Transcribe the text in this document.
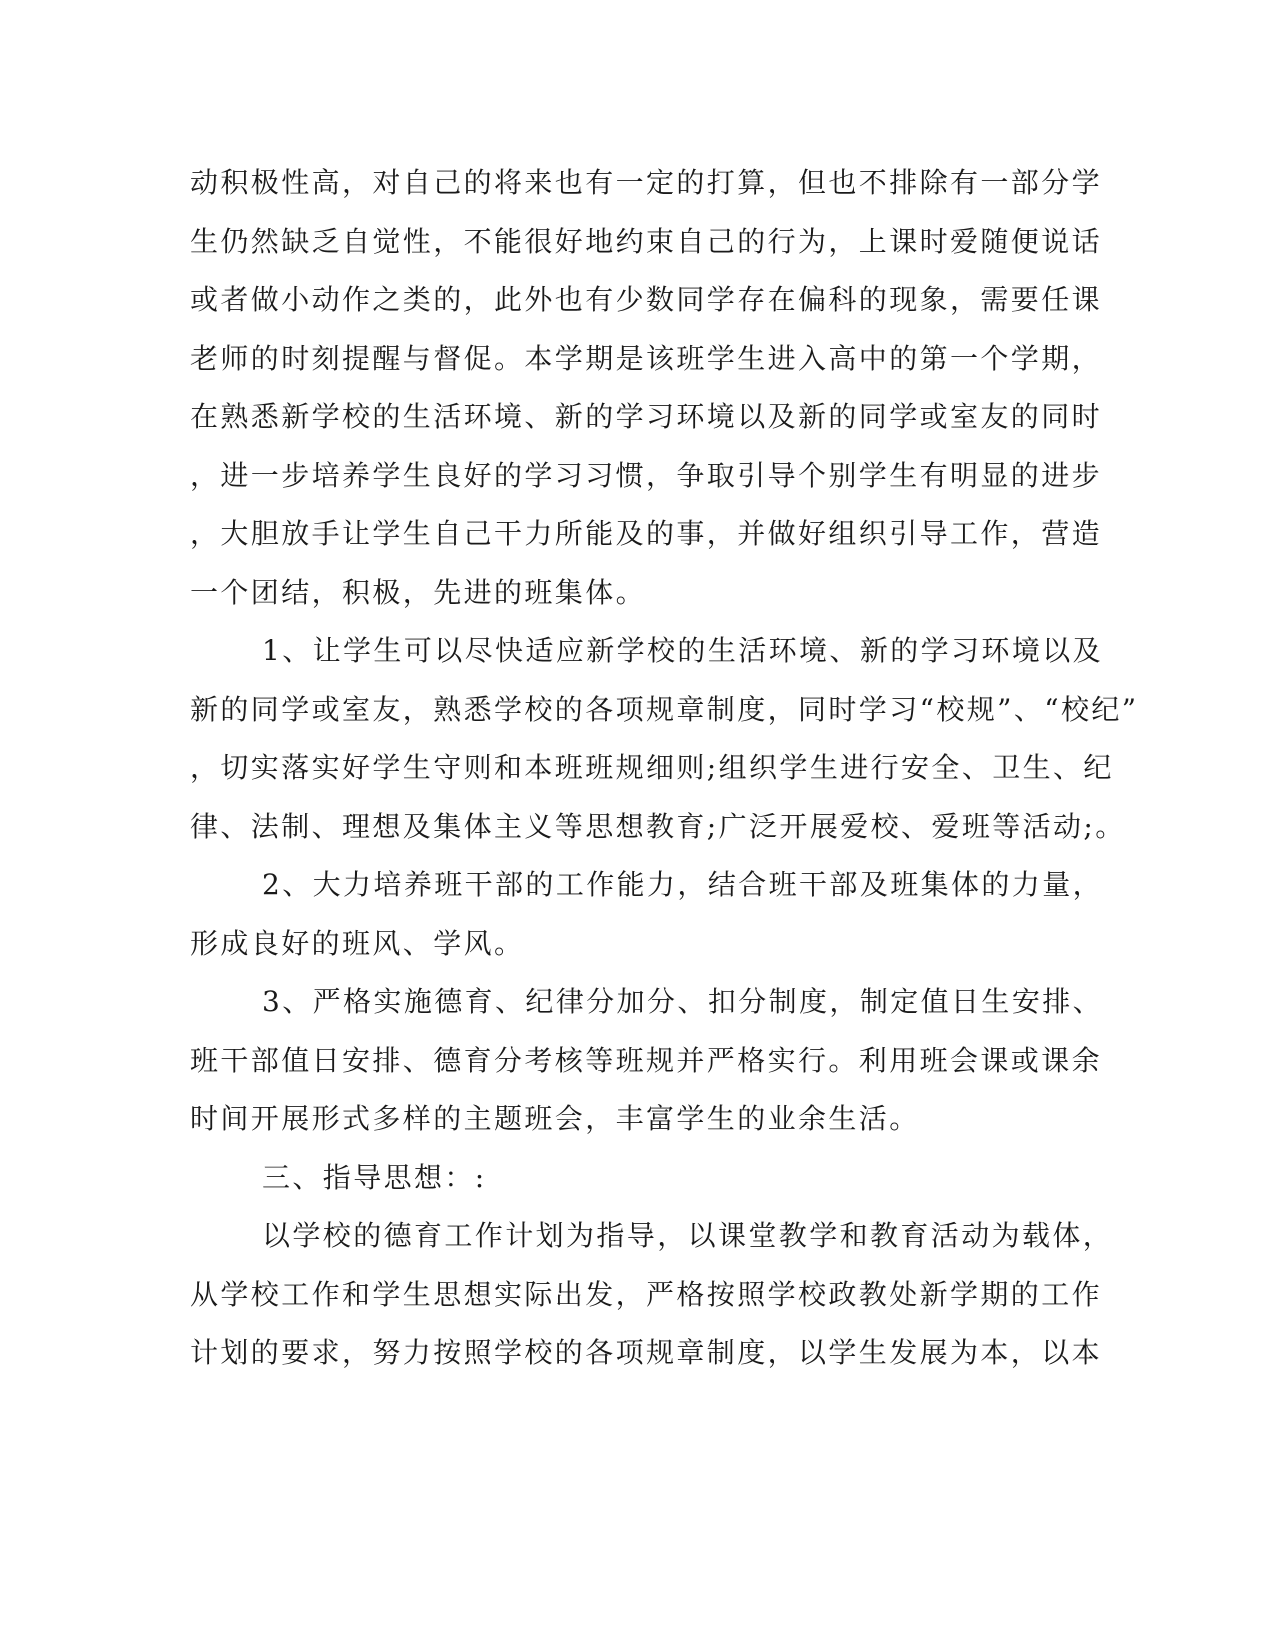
动积极性高，对自己的将来也有一定的打算，但也不排除有一部分学

生仍然缺乏自觉性，不能很好地约束自己的行为，上课时爱随便说话

或者做小动作之类的，此外也有少数同学存在偏科的现象，需要任课

老师的时刻提醒与督促。本学期是该班学生进入高中的第一个学期，

在熟悉新学校的生活环境、新的学习环境以及新的同学或室友的同时

，进一步培养学生良好的学习习惯，争取引导个别学生有明显的进步

，大胆放手让学生自己干力所能及的事，并做好组织引导工作，营造

一个团结，积极，先进的班集体。

1、让学生可以尽快适应新学校的生活环境、新的学习环境以及

新的同学或室友，熟悉学校的各项规章制度，同时学习“校规”、“校纪”

，切实落实好学生守则和本班班规细则;组织学生进行安全、卫生、纪

律、法制、理想及集体主义等思想教育;广泛开展爱校、爱班等活动;。

2、大力培养班干部的工作能力，结合班干部及班集体的力量，

形成良好的班风、学风。

3、严格实施德育、纪律分加分、扣分制度，制定值日生安排、

班干部值日安排、德育分考核等班规并严格实行。利用班会课或课余

时间开展形式多样的主题班会，丰富学生的业余生活。

三、指导思想：:

以学校的德育工作计划为指导，以课堂教学和教育活动为载体，

从学校工作和学生思想实际出发，严格按照学校政教处新学期的工作

计划的要求，努力按照学校的各项规章制度，以学生发展为本，以本
